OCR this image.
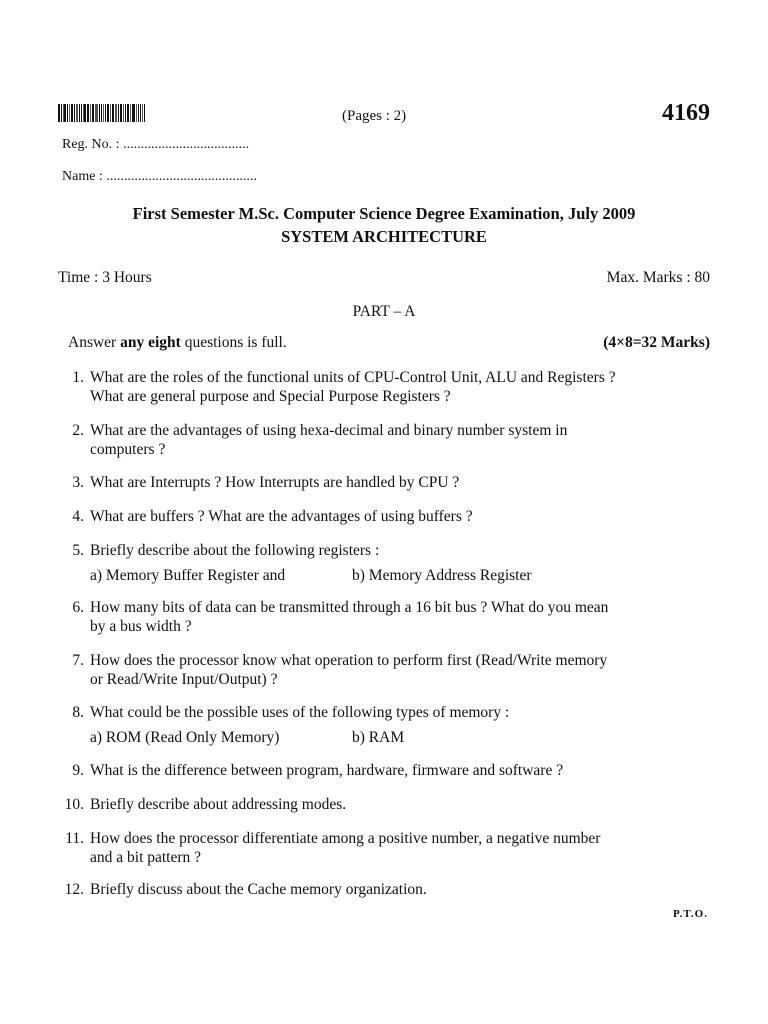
(Pages : 2)	4169
Reg. No. : ....................................
Name : ...........................................
First Semester M.Sc. Computer Science Degree Examination, July 2009
SYSTEM ARCHITECTURE
Time : 3 Hours	Max. Marks : 80
PART – A
Answer any eight questions is full.	(4×8=32 Marks)
1. What are the roles of the functional units of CPU-Control Unit, ALU and Registers ?
What are general purpose and Special Purpose Registers ?
2. What are the advantages of using hexa-decimal and binary number system in
computers ?
3. What are Interrupts ? How Interrupts are handled by CPU ?
4. What are buffers ? What are the advantages of using buffers ?
5. Briefly describe about the following registers :
a) Memory Buffer Register and	b) Memory Address Register
6. How many bits of data can be transmitted through a 16 bit bus ? What do you mean
by a bus width ?
7. How does the processor know what operation to perform first (Read/Write memory
or Read/Write Input/Output) ?
8. What could be the possible uses of the following types of memory :
a) ROM (Read Only Memory)	b) RAM
9. What is the difference between program, hardware, firmware and software ?
10. Briefly describe about addressing modes.
11. How does the processor differentiate among a positive number, a negative number
and a bit pattern ?
12. Briefly discuss about the Cache memory organization.
P.T.O.
